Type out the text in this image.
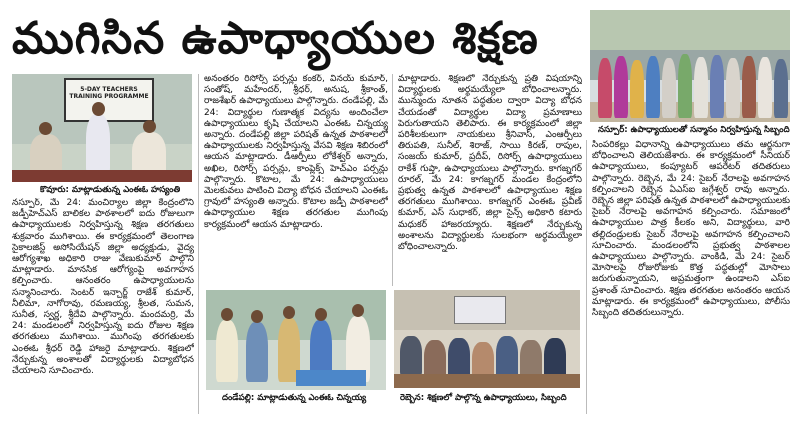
ముగిసిన ఉపాధ్యాయుల శిక్షణ
5-DAY TEACHERS TRAINING PROGRAMME
కొవూరు: మాట్లాడుతున్న ఎంఈఓ హస్యంతి
నస్పూర్: ఉపాధ్యాయులతో సన్మానం నిర్వహిస్తున్న సిబ్బంది
దండేపల్లి: మాట్లాడుతున్న ఎంఈఓ చిన్నయ్య	రెబ్బెన: శిక్షణలో పాల్గొన్న ఉపాధ్యాయులు, సిబ్బంది

నస్పూర్, మే 24: మంచిర్యాల జిల్లా కేంద్రంలోని జడ్పీహెచ్ఎస్ బాలికల పాఠశాలలో ఐదు రోజులుగా ఉపాధ్యాయులకు నిర్వహిస్తున్న శిక్షణ తరగతులు శుక్రవారం ముగిశాయి. ఈ కార్యక్రమంలో తెలంగాణ సైకాలజిస్ట్ అసోసియేషన్ జిల్లా అధ్యక్షుడు, వైద్య ఆరోగ్యశాఖ అధికారి రాజు వేణుకుమార్ పాల్గొని మాట్లాడారు. మానసిక ఆరోగ్యంపై అవగాహన కల్పించారు. ఆనంతరం ఉపాధ్యాయులను సన్మానించారు. సెంటర్ ఇన్చార్జ్ రాజేశ్ కుమార్, నీలిమా, నాగోరావు, రమణయ్య, శ్రీలత, సుమన, సునీత, స్వర్ణ, శ్రీదేవి పాల్గొన్నారు. మందమర్రి, మే 24: మండలంలో నిర్వహిస్తున్న ఐదు రోజుల శిక్షణ తరగతులు ముగిశాయి. ముగింపు తరగతులకు ఎంఈఓ శ్రీధర్ రెడ్డి హాజరై మాట్లాడారు. శిక్షణలో నేర్చుకున్న అంశాలతో విద్యార్థులకు విద్యాబోధన చేయాలని సూచించారు.

అనంతరం రిసోర్స్ పర్సన్లు కంకర్, వినయ్ కుమార్, సంతోష్, మహేందర్, శ్రీధర్, అనుష, శ్రీకాంత్, రాజశేఖర్ ఉపాధ్యాయులు పాల్గొన్నారు. దండేపల్లి, మే 24: విద్యార్థుల గుణాత్మక విద్యను అందించేలా ఉపాధ్యాయులు కృషి చేయాలని ఎంఈఓ చిన్నయ్య అన్నారు. దండేపల్లి జిల్లా పరిషత్ ఉన్నత పాఠశాలలో ఉపాధ్యాయులకు నిర్వహిస్తున్న వేసవి శిక్షణ శిబిరంలో ఆయన మాట్లాడారు. డీఆర్పీలు లోకేశ్వర్ అన్నారు, అఖిల, రిసోర్స్ పర్సన్లు, కాంప్లెక్స్ హెచ్ఎం పర్సన్లు పాల్గొన్నారు. కొటాల, మే 24: ఉపాధ్యాయులు మెలకువలు పాటించి విద్యా బోధన చేయాలని ఎంఈఓ గ్రావులో హస్యంతి అన్నారు. కొటాల జడ్పీ పాఠశాలలో ఉపాధ్యాయుల శిక్షణ తరగతుల ముగింపు కార్యక్రమంలో ఆయన మాట్లాడారు.

మాట్లాడారు. శిక్షణలో నేర్చుకున్న ప్రతి విషయాన్ని విద్యార్థులకు అర్థమయ్యేలా బోధించాలన్నారు. మున్ముందు నూతన పద్ధతుల ద్వారా విద్యా బోధన చేయడంతో విద్యార్థుల విద్యా ప్రమాణాలు పెరుగుతాయని తెలిపారు. ఈ కార్యక్రమంలో జిల్లా పరిశీలకులుగా నాయకులు శ్రీనివాస్, ఎంఆర్పీలు తిరుపతి, సునీల్, శిరాజ్, సాయి కిరణ్, రాపుల, సంజయ్ కుమార్, ప్రదీప్, రిసోర్స్ ఉపాధ్యాయులు రాకేశ్ గుప్తా, ఉపాధ్యాయులు పాల్గొన్నారు. కాగజ్నగర్ రూరల్, మే 24: కాగజ్నగర్ మండల కేంద్రంలోని ప్రభుత్వ ఉన్నత పాఠశాలలో ఉపాధ్యాయుల శిక్షణ తరగతులు ముగిశాయి. కాగజ్నగర్ ఎంఈఓ ప్రవీణ్ కుమార్, ఎస్ సుధాకర్, జిల్లా సైన్స్ అధికారి కటారు మధుకర్ హాజరయ్యారు. శిక్షణలో నేర్చుకున్న అంశాలను విద్యార్థులకు సులభంగా అర్థమయ్యేలా బోధించాలన్నారు.

సింపరికల్లు విధానాన్ని ఉపాధ్యాయులు తమ ఆర్జనుగా బోధించాలని తెలియజేశారు. ఈ కార్యక్రమంలో సీనియర్ ఉపాధ్యాయులు, కంప్యూటర్ ఆపరేటర్ తదితరులు పాల్గొన్నారు. రెబ్బెన, మే 24: సైబర్ నేరాలపై అవగాహన కల్పించాలని రెబ్బెన ఏఎస్ఐ జగ్గేశ్వర్ రావు అన్నారు. రెబ్బెన జిల్లా పరిషత్ ఉన్నత పాఠశాలలో ఉపాధ్యాయులకు సైబర్ నేరాలపై అవగాహన కల్పించారు. సమాజంలో ఉపాధ్యాయుల పాత్ర కీలకం అని, విద్యార్థులు, వారి తల్లిదండ్రులకు సైబర్ నేరాలపై అవగాహన కల్పించాలని సూచించారు. మండలంలోని ప్రభుత్వ పాఠశాలల ఉపాధ్యాయులు పాల్గొన్నారు. వాంకిడి, మే 24: సైబర్ మోసాలపై రోజురోజుకు కొత్త పద్ధతుల్లో మోసాలు జరుగుతున్నాయని, అప్రమత్తంగా ఉండాలని ఎస్ఐ ప్రశాంత్ సూచించారు. శిక్షణ తరగతుల అనంతరం ఆయన మాట్లాడారు. ఈ కార్యక్రమంలో ఉపాధ్యాయులు, పోలీసు సిబ్బంది తదితరులున్నారు.
